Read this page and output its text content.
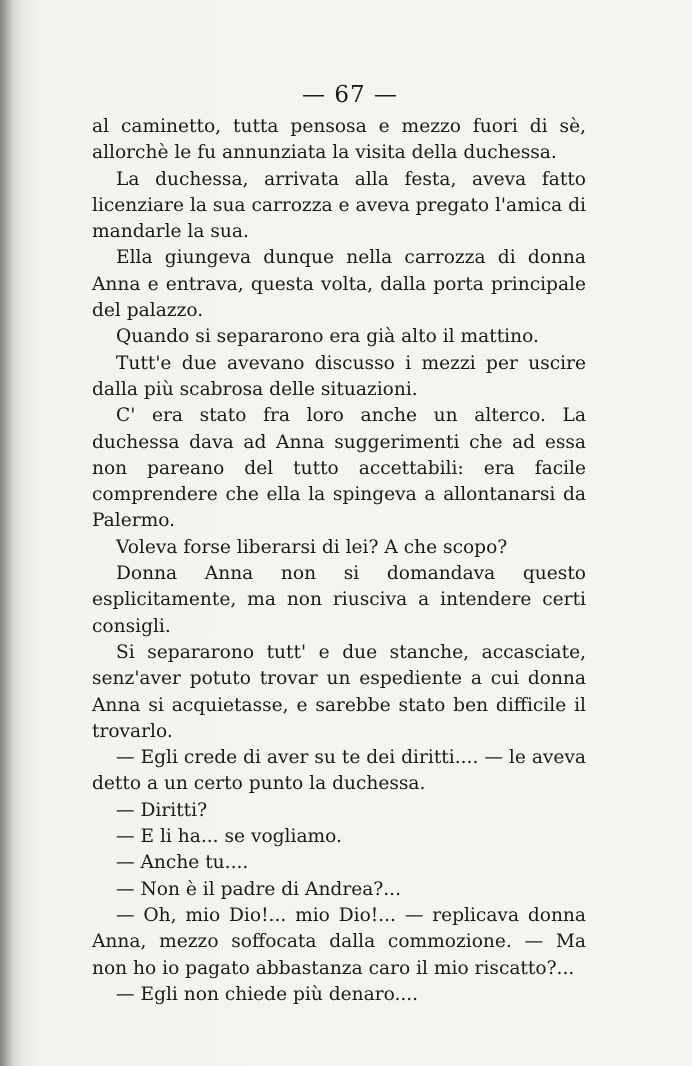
— 67 —

al caminetto, tutta pensosa e mezzo fuori di sè, allorchè le fu annunziata la visita della duchessa.

La duchessa, arrivata alla festa, aveva fatto licenziare la sua carrozza e aveva pregato l'amica di mandarle la sua.

Ella giungeva dunque nella carrozza di donna Anna e entrava, questa volta, dalla porta principale del palazzo.

Quando si separarono era già alto il mattino.

Tutt'e due avevano discusso i mezzi per uscire dalla più scabrosa delle situazioni.

C' era stato fra loro anche un alterco. La duchessa dava ad Anna suggerimenti che ad essa non pareano del tutto accettabili: era facile comprendere che ella la spingeva a allontanarsi da Palermo.

Voleva forse liberarsi di lei? A che scopo?

Donna Anna non si domandava questo esplicitamente, ma non riusciva a intendere certi consigli.

Si separarono tutt' e due stanche, accasciate, senz'aver potuto trovar un espediente a cui donna Anna si acquietasse, e sarebbe stato ben difficile il trovarlo.

— Egli crede di aver su te dei diritti.... — le aveva detto a un certo punto la duchessa.

— Diritti?

— E li ha... se vogliamo.

— Anche tu....

— Non è il padre di Andrea?...

— Oh, mio Dio!... mio Dio!... — replicava donna Anna, mezzo soffocata dalla commozione. — Ma non ho io pagato abbastanza caro il mio riscatto?...

— Egli non chiede più denaro....
